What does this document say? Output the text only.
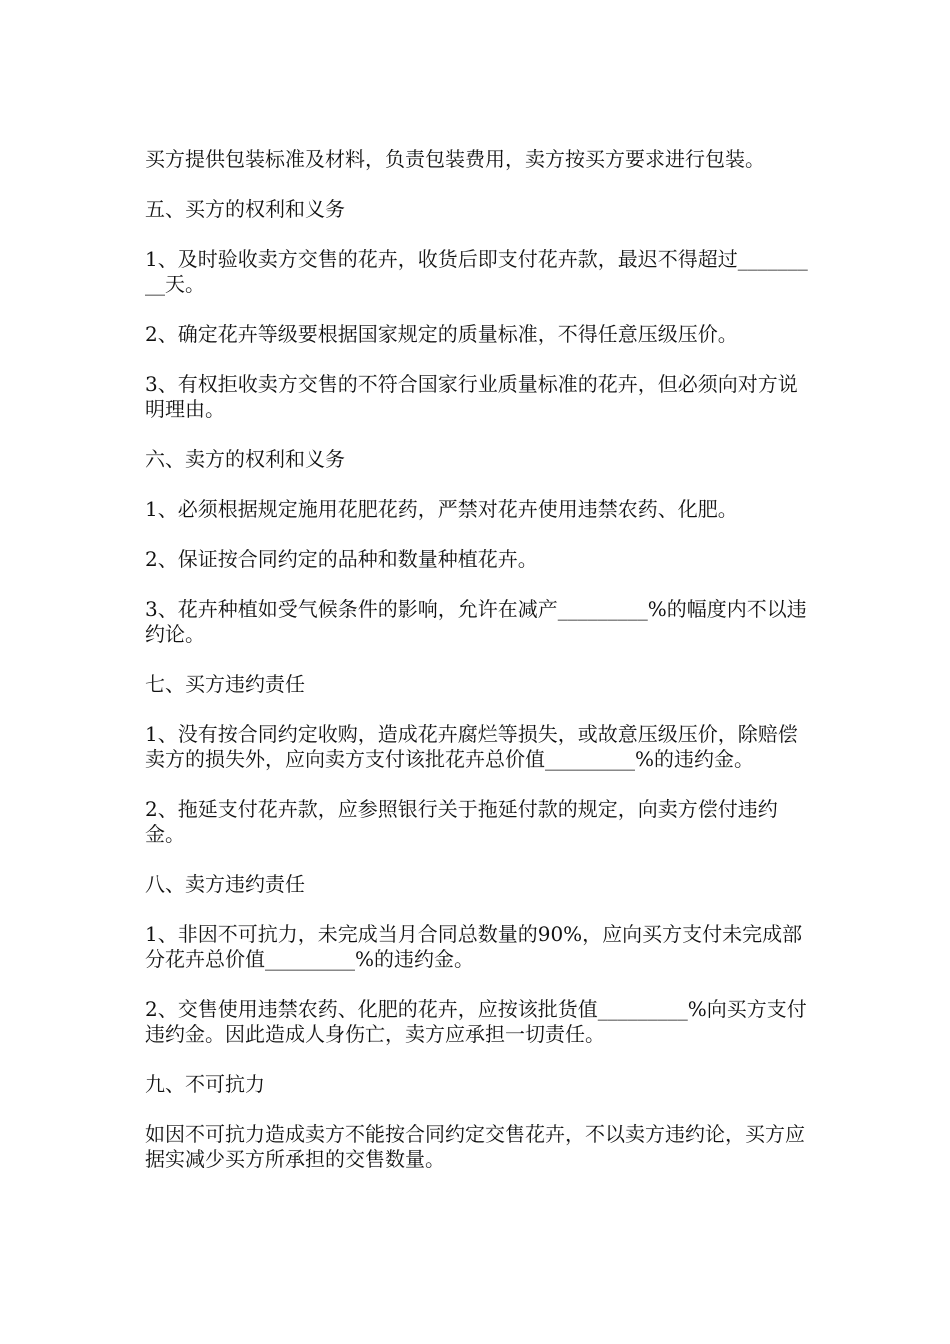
买方提供包装标准及材料，负责包装费用，卖方按买方要求进行包装。

五、买方的权利和义务

1、及时验收卖方交售的花卉，收货后即支付花卉款，最迟不得超过_________天。

2、确定花卉等级要根据国家规定的质量标准，不得任意压级压价。

3、有权拒收卖方交售的不符合国家行业质量标准的花卉，但必须向对方说明理由。

六、卖方的权利和义务

1、必须根据规定施用花肥花药，严禁对花卉使用违禁农药、化肥。

2、保证按合同约定的品种和数量种植花卉。

3、花卉种植如受气候条件的影响，允许在减产_________%的幅度内不以违约论。

七、买方违约责任

1、没有按合同约定收购，造成花卉腐烂等损失，或故意压级压价，除赔偿卖方的损失外，应向卖方支付该批花卉总价值_________%的违约金。

2、拖延支付花卉款，应参照银行关于拖延付款的规定，向卖方偿付违约金。

八、卖方违约责任

1、非因不可抗力，未完成当月合同总数量的90%，应向买方支付未完成部分花卉总价值_________%的违约金。

2、交售使用违禁农药、化肥的花卉，应按该批货值_________%向买方支付违约金。因此造成人身伤亡，卖方应承担一切责任。

九、不可抗力

如因不可抗力造成卖方不能按合同约定交售花卉，不以卖方违约论，买方应据实减少买方所承担的交售数量。
